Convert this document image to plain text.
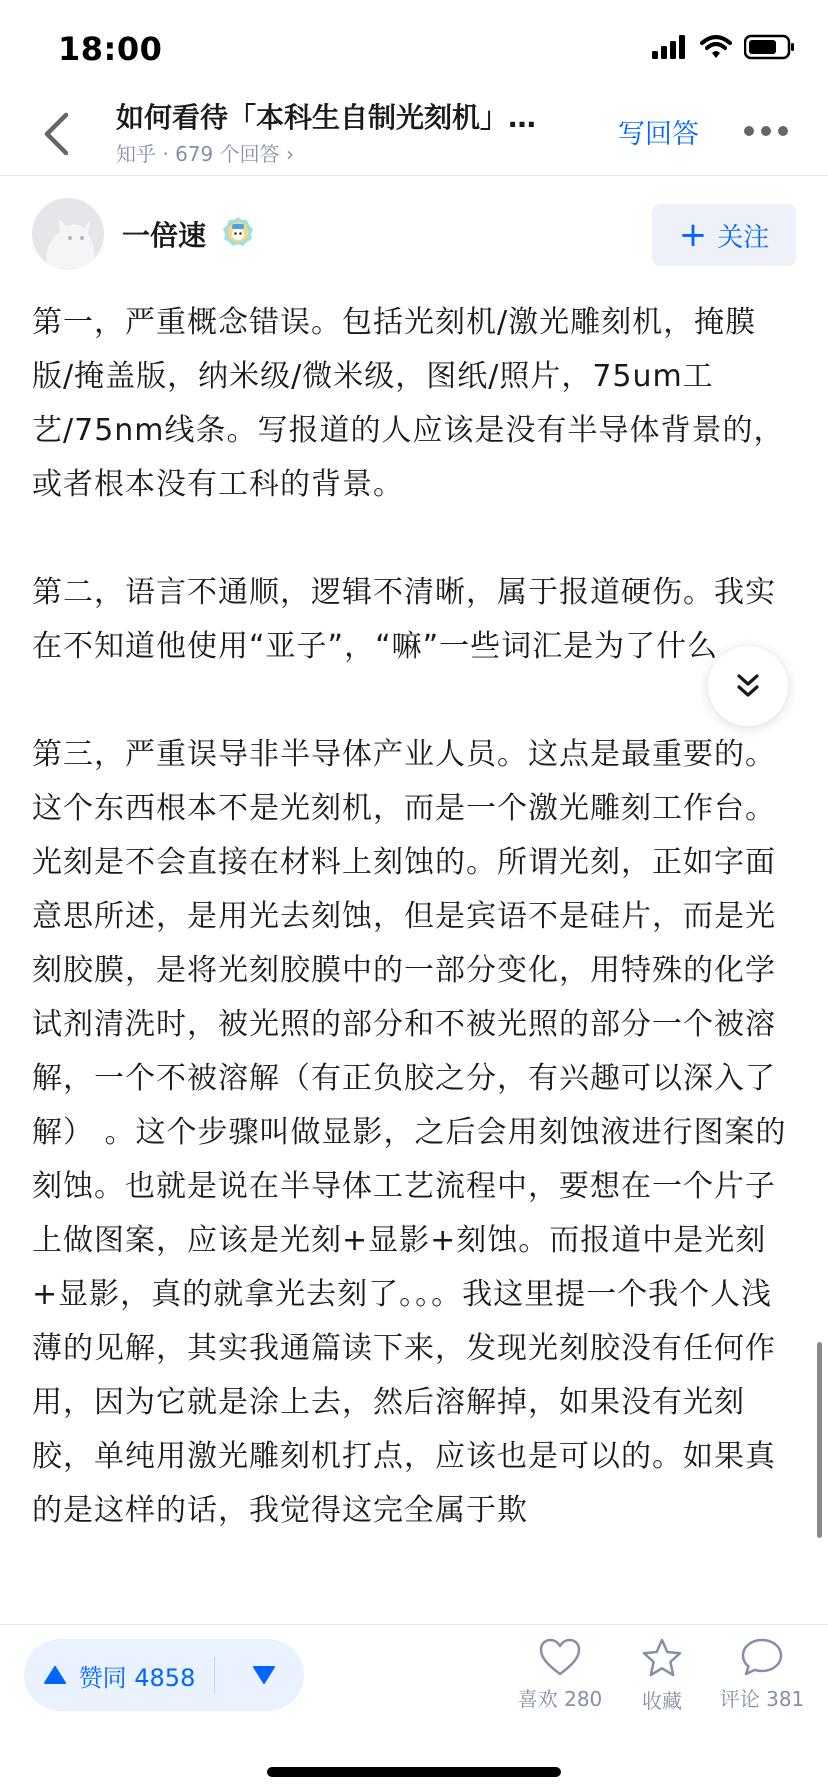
18:00
如何看待「本科生自制光刻机」…
知乎 · 679 个回答 ›
写回答
一倍速	+ 关注

第一，严重概念错误。包括光刻机/激光雕刻机，掩膜版/掩盖版，纳米级/微米级，图纸/照片，75um工艺/75nm线条。写报道的人应该是没有半导体背景的，或者根本没有工科的背景。

第二，语言不通顺，逻辑不清晰，属于报道硬伤。我实在不知道他使用“亚子”，“嘛”一些词汇是为了什么

第三，严重误导非半导体产业人员。这点是最重要的。这个东西根本不是光刻机，而是一个激光雕刻工作台。光刻是不会直接在材料上刻蚀的。所谓光刻，正如字面意思所述，是用光去刻蚀，但是宾语不是硅片，而是光刻胶膜，是将光刻胶膜中的一部分变化，用特殊的化学试剂清洗时，被光照的部分和不被光照的部分一个被溶解，一个不被溶解（有正负胶之分，有兴趣可以深入了解） 。这个步骤叫做显影，之后会用刻蚀液进行图案的刻蚀。也就是说在半导体工艺流程中，要想在一个片子上做图案，应该是光刻+显影+刻蚀。而报道中是光刻+显影，真的就拿光去刻了。。。我这里提一个我个人浅薄的见解，其实我通篇读下来，发现光刻胶没有任何作用，因为它就是涂上去，然后溶解掉，如果没有光刻胶，单纯用激光雕刻机打点，应该也是可以的。如果真的是这样的话，我觉得这完全属于欺

赞同 4858
喜欢 280 收藏 评论 381
